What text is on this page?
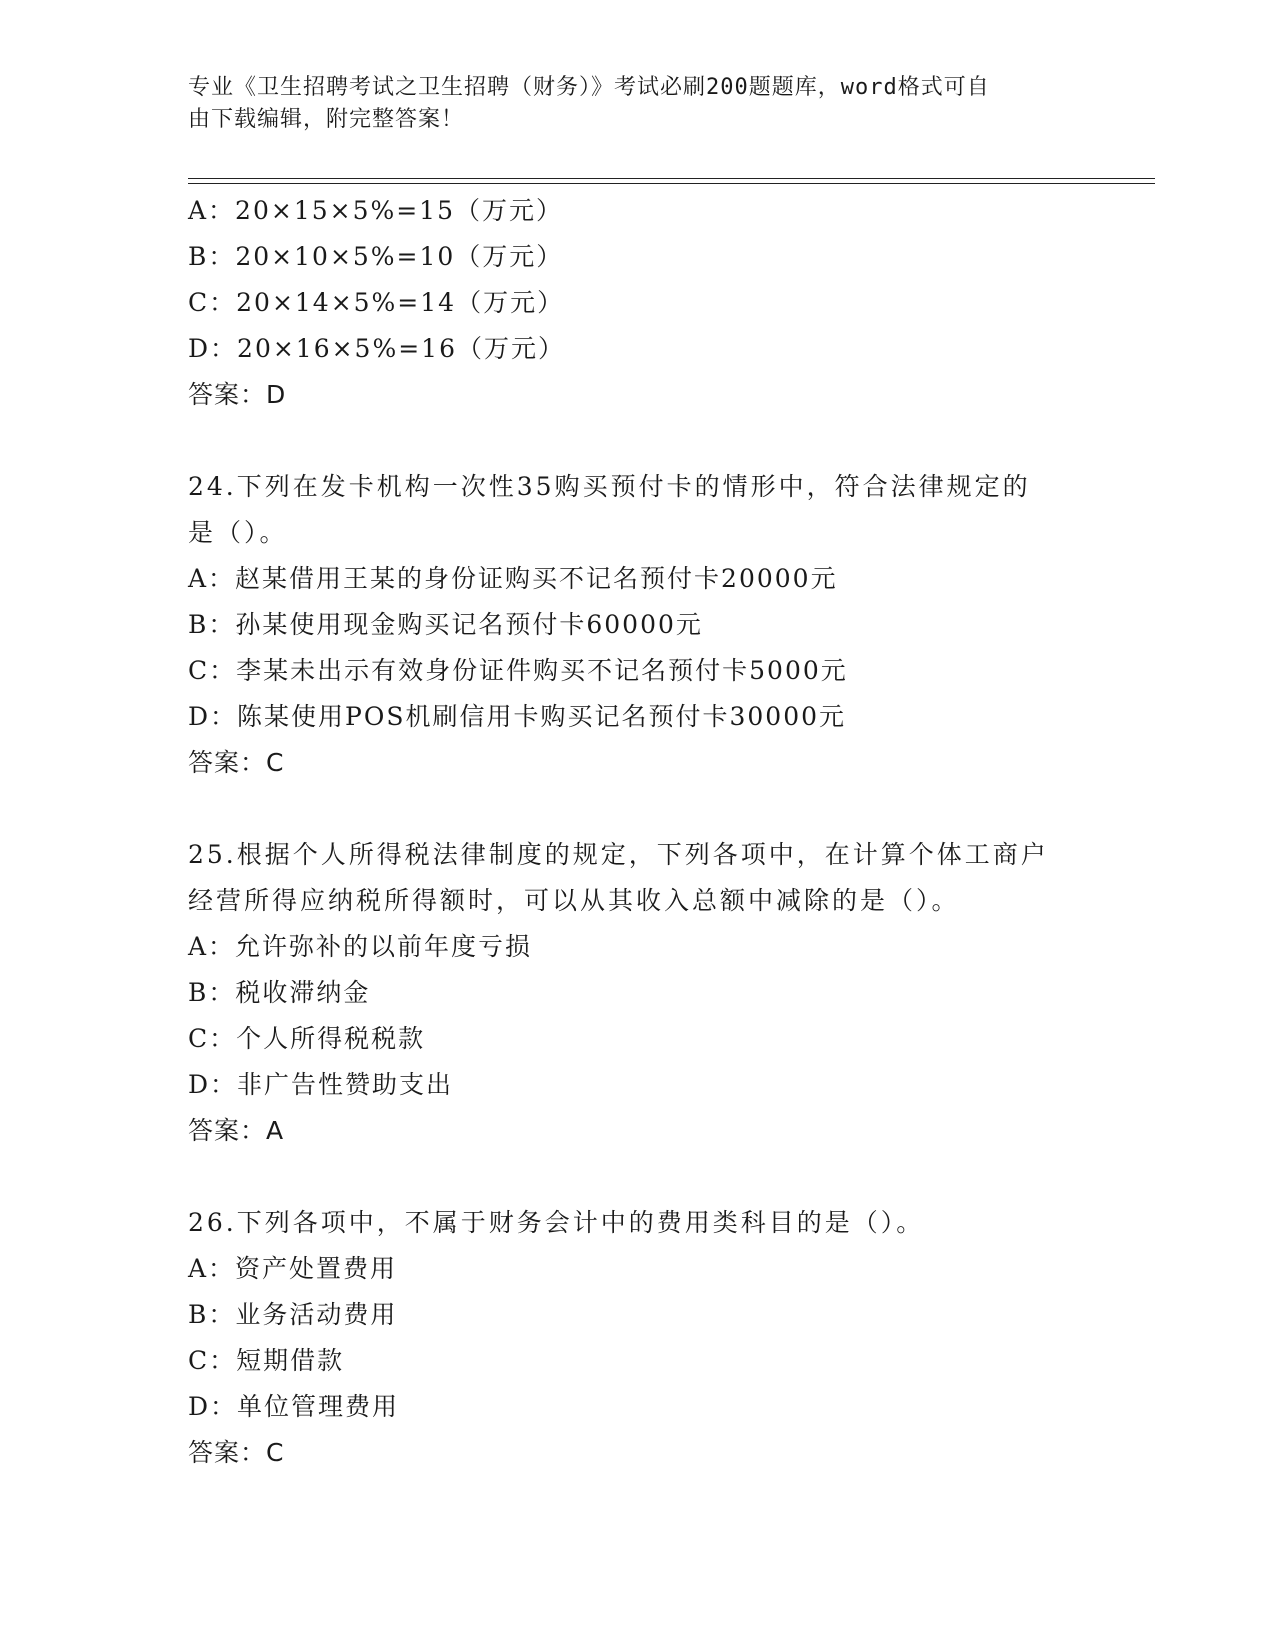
专业《卫生招聘考试之卫生招聘（财务）》考试必刷200题题库，word格式可自
由下载编辑，附完整答案！
A：20×15×5%=15（万元）
B：20×10×5%=10（万元）
C：20×14×5%=14（万元）
D：20×16×5%=16（万元）
答案：D
24.下列在发卡机构一次性35购买预付卡的情形中，符合法律规定的
是（）。
A：赵某借用王某的身份证购买不记名预付卡20000元
B：孙某使用现金购买记名预付卡60000元
C：李某未出示有效身份证件购买不记名预付卡5000元
D：陈某使用POS机刷信用卡购买记名预付卡30000元
答案：C
25.根据个人所得税法律制度的规定，下列各项中，在计算个体工商户
经营所得应纳税所得额时，可以从其收入总额中减除的是（）。
A：允许弥补的以前年度亏损
B：税收滞纳金
C：个人所得税税款
D：非广告性赞助支出
答案：A
26.下列各项中，不属于财务会计中的费用类科目的是（）。
A：资产处置费用
B：业务活动费用
C：短期借款
D：单位管理费用
答案：C
